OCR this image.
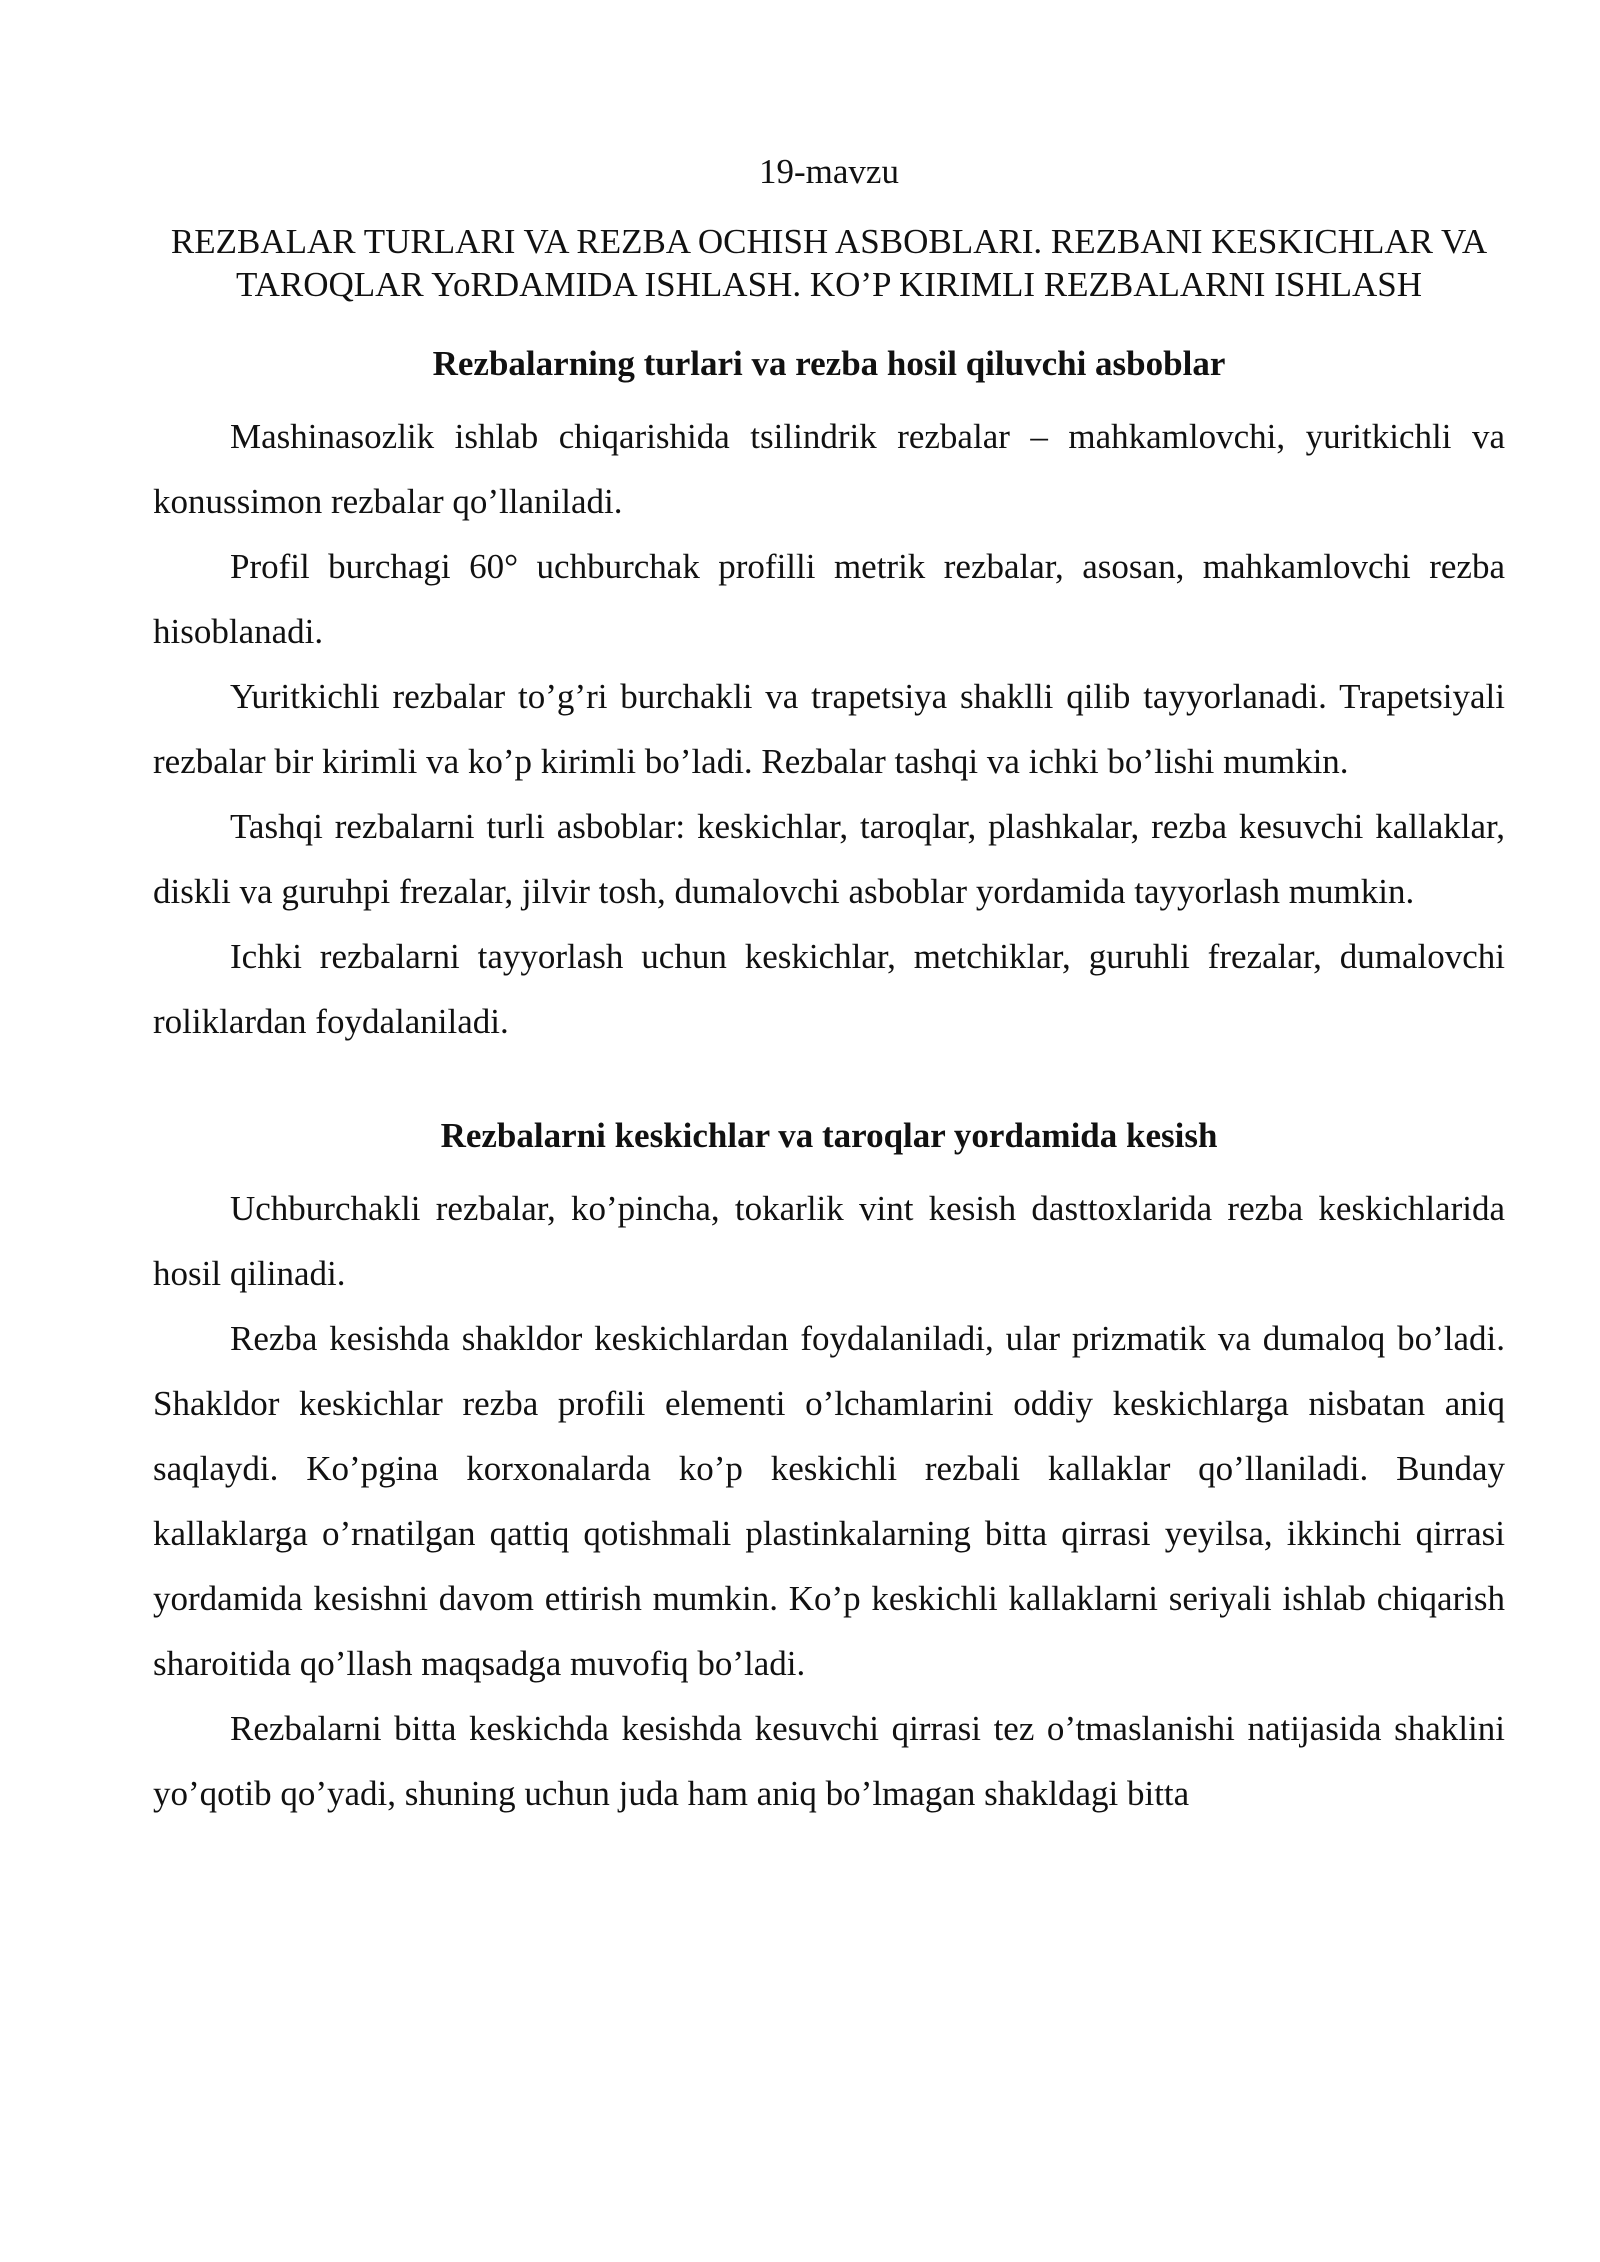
19-mavzu
REZBALAR TURLARI VA REZBA OCHISH ASBOBLARI. REZBANI KESKICHLAR VA TAROQLAR YoRDAMIDA ISHLASH. KO’P KIRIMLI REZBALARNI ISHLASH
Rezbalarning turlari va rezba hosil qiluvchi asboblar

Mashinasozlik ishlab chiqarishida tsilindrik rezbalar – mahkamlovchi, yuritkichli va konussimon rezbalar qo’llaniladi.

Profil burchagi 60° uchburchak profilli metrik rezbalar, asosan, mahkamlovchi rezba hisoblanadi.

Yuritkichli rezbalar to’g’ri burchakli va trapetsiya shaklli qilib tayyorlanadi. Trapetsiyali rezbalar bir kirimli va ko’p kirimli bo’ladi. Rezbalar tashqi va ichki bo’lishi mumkin.

Tashqi rezbalarni turli asboblar: keskichlar, taroqlar, plashkalar, rezba kesuvchi kallaklar, diskli va guruhpi frezalar, jilvir tosh, dumalovchi asboblar yordamida tayyorlash mumkin.

Ichki rezbalarni tayyorlash uchun keskichlar, metchiklar, guruhli frezalar, dumalovchi roliklardan foydalaniladi.

Rezbalarni keskichlar va taroqlar yordamida kesish

Uchburchakli rezbalar, ko’pincha, tokarlik vint kesish dasttoxlarida rezba keskichlarida hosil qilinadi.

Rezba kesishda shakldor keskichlardan foydalaniladi, ular prizmatik va dumaloq bo’ladi. Shakldor keskichlar rezba profili elementi o’lchamlarini oddiy keskichlarga nisbatan aniq saqlaydi. Ko’pgina korxonalarda ko’p keskichli rezbali kallaklar qo’llaniladi. Bunday kallaklarga o’rnatilgan qattiq qotishmali plastinkalarning bitta qirrasi yeyilsa, ikkinchi qirrasi yordamida kesishni davom ettirish mumkin. Ko’p keskichli kallaklarni seriyali ishlab chiqarish sharoitida qo’llash maqsadga muvofiq bo’ladi.

Rezbalarni bitta keskichda kesishda kesuvchi qirrasi tez o’tmaslanishi natijasida shaklini yo’qotib qo’yadi, shuning uchun juda ham aniq bo’lmagan shakldagi bitta
